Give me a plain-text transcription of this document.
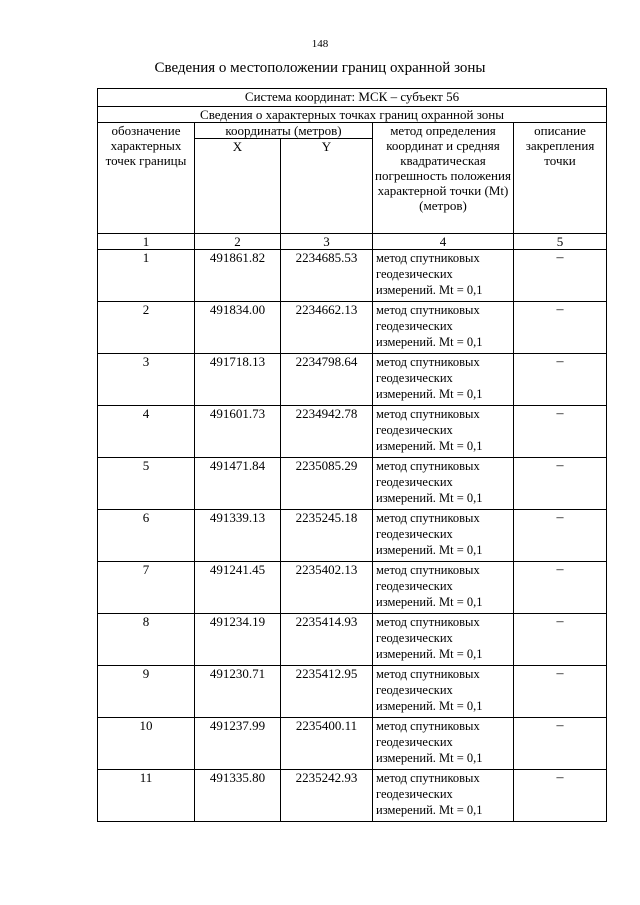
148
Сведения о местоположении границ охранной зоны
Система координат: МСК – субъект 56				
Сведения о характерных точках границ охранной зоны				
обозначение характерных точек границы	координаты (метров)		метод определения координат и средняя квадратическая погрешность положения характерной точки (Mt) (метров)	описание закрепления точки
	X	Y		
1	2	3	4	5
1	491861.82	2234685.53	метод спутниковых
геодезических
измерений. Mt = 0,1	–
2	491834.00	2234662.13	метод спутниковых
геодезических
измерений. Mt = 0,1	–
3	491718.13	2234798.64	метод спутниковых
геодезических
измерений. Mt = 0,1	–
4	491601.73	2234942.78	метод спутниковых
геодезических
измерений. Mt = 0,1	–
5	491471.84	2235085.29	метод спутниковых
геодезических
измерений. Mt = 0,1	–
6	491339.13	2235245.18	метод спутниковых
геодезических
измерений. Mt = 0,1	–
7	491241.45	2235402.13	метод спутниковых
геодезических
измерений. Mt = 0,1	–
8	491234.19	2235414.93	метод спутниковых
геодезических
измерений. Mt = 0,1	–
9	491230.71	2235412.95	метод спутниковых
геодезических
измерений. Mt = 0,1	–
10	491237.99	2235400.11	метод спутниковых
геодезических
измерений. Mt = 0,1	–
11	491335.80	2235242.93	метод спутниковых
геодезических
измерений. Mt = 0,1	–
